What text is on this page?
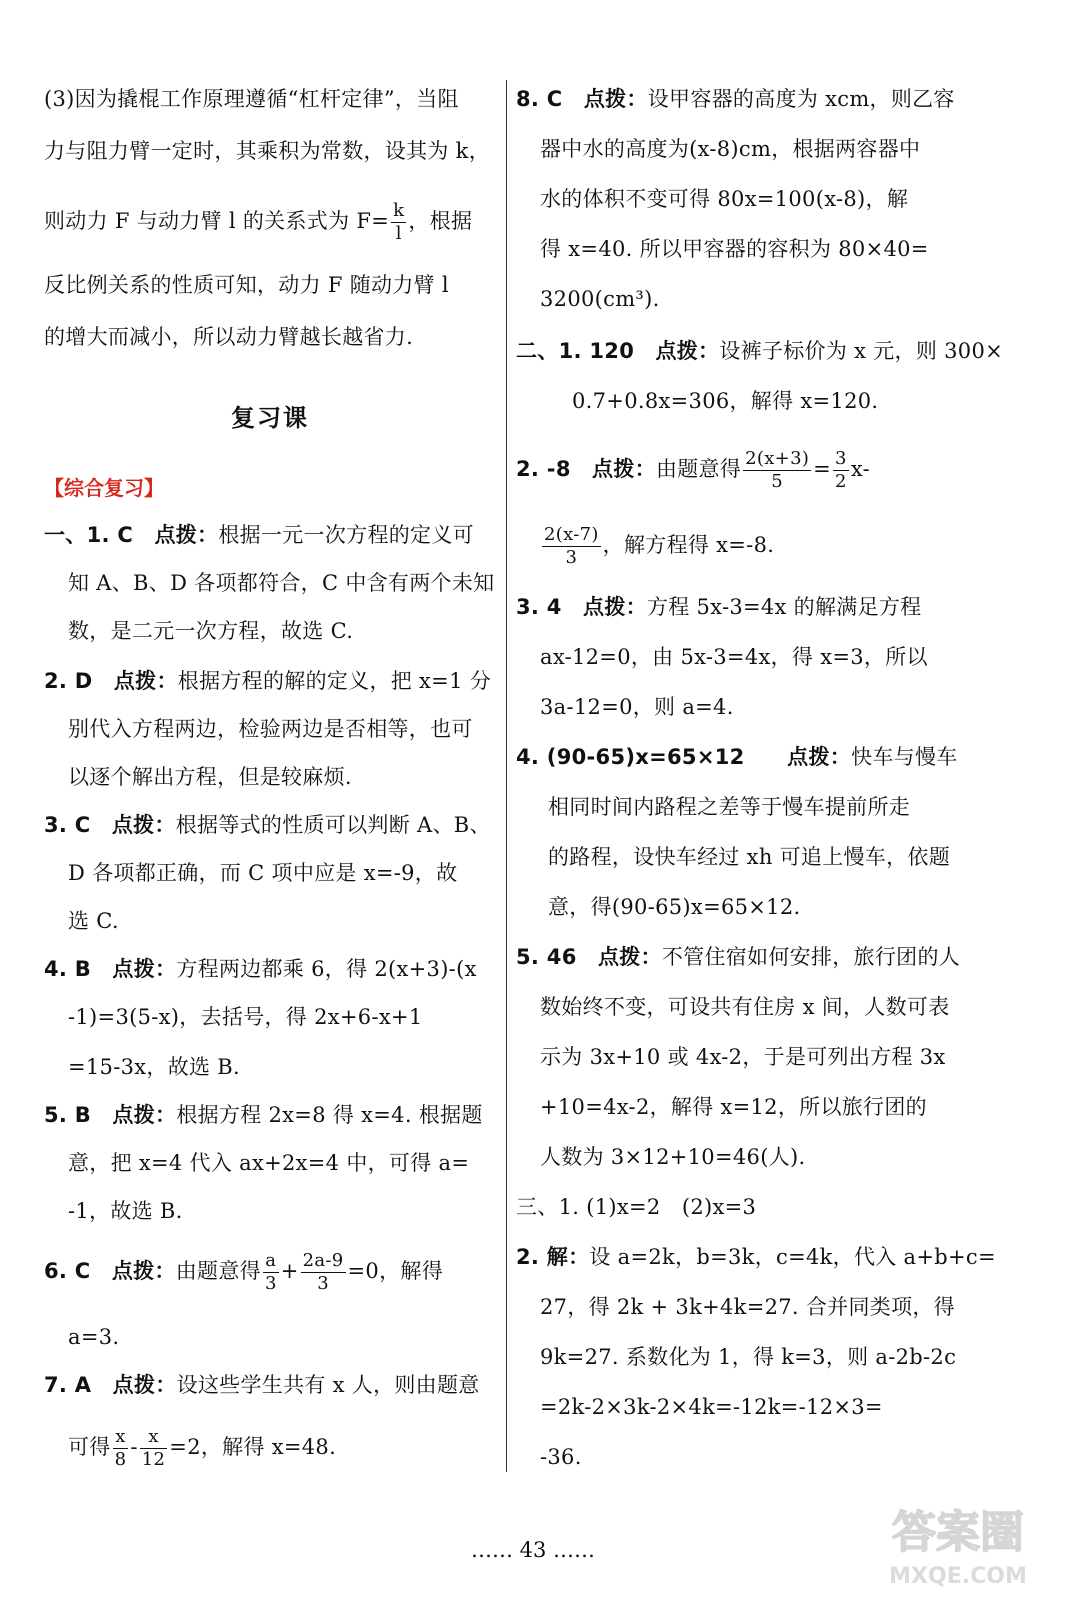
(3)因为撬棍工作原理遵循“杠杆定律”，当阻
力与阻力臂一定时，其乘积为常数，设其为 k，
则动力 F 与动力臂 l 的关系式为 $F= \frac{k}{l}$ ，根据
反比例关系的性质可知，动力 F 随动力臂 l
的增大而减小，所以动力臂越长越省力.
复习课
【综合复习】
一、1. C　 点拨：根据一元一次方程的定义可
知 A、B、D 各项都符合，C 中含有两个未知
数，是二元一次方程，故选 C.
2. D　 点拨：根据方程的解的定义，把 x=1 分
别代入方程两边，检验两边是否相等，也可
以逐个解出方程，但是较麻烦.
3. C　 点拨：根据等式的性质可以判断 A、B、
D 各项都正确，而 C 项中应是 x=-9，故
选 C.
4. B　 点拨：方程两边都乘 6，得 2(x+3)-(x
-1)=3(5-x)，去括号，得 2x+6-x+1
=15-3x，故选 B.
5. B　 点拨：根据方程 2x=8 得 x=4. 根据题
意，把 x=4 代入 ax+2x=4 中，可得 a=
-1，故选 B.
6. C　 点拨：由题意得 $\frac{a}{3} + \frac{2a-9}{3} =0$，解得
a=3.
7. A　 点拨：设这些学生共有 x 人，则由题意
可得 $\frac{x}{8} - \frac{x}{12} =2$，解得 x=48.
8. C　 点拨：设甲容器的高度为 xcm，则乙容
器中水的高度为(x-8)cm，根据两容器中
水的体积不变可得 80x=100(x-8)，解
得 x=40. 所以甲容器的容积为 80×40=
3200(cm³).
二、1. 120　 点拨：设裤子标价为 x 元，则 300×
0.7+0.8x=306，解得 x=120.
2. -8　 点拨：由题意得 $\frac{2(x+3)}{5} = \frac{3}{2} x-$
$\frac{2(x-7)}{3}$ ，解方程得 x=-8.
3. 4　 点拨：方程 5x-3=4x 的解满足方程
ax-12=0，由 5x-3=4x，得 x=3，所以
3a-12=0，则 a=4.
4. (90-65)x=65×12　　 点拨：快车与慢车
相同时间内路程之差等于慢车提前所走
的路程，设快车经过 xh 可追上慢车，依题
意，得(90-65)x=65×12.
5. 46　 点拨：不管住宿如何安排，旅行团的人
数始终不变，可设共有住房 x 间，人数可表
示为 3x+10 或 4x-2，于是可列出方程 3x
+10=4x-2，解得 x=12，所以旅行团的
人数为 3×12+10=46(人).
三、1. (1)x=2　(2)x=3
2. 解：设 a=2k，b=3k，c=4k，代入 a+b+c=
27，得 2k + 3k+4k=27. 合并同类项，得
9k=27. 系数化为 1，得 k=3，则 a-2b-2c
=2k-2×3k-2×4k=-12k=-12×3=
-36.
…… 43 ……	答案圈
MXQE.COM
